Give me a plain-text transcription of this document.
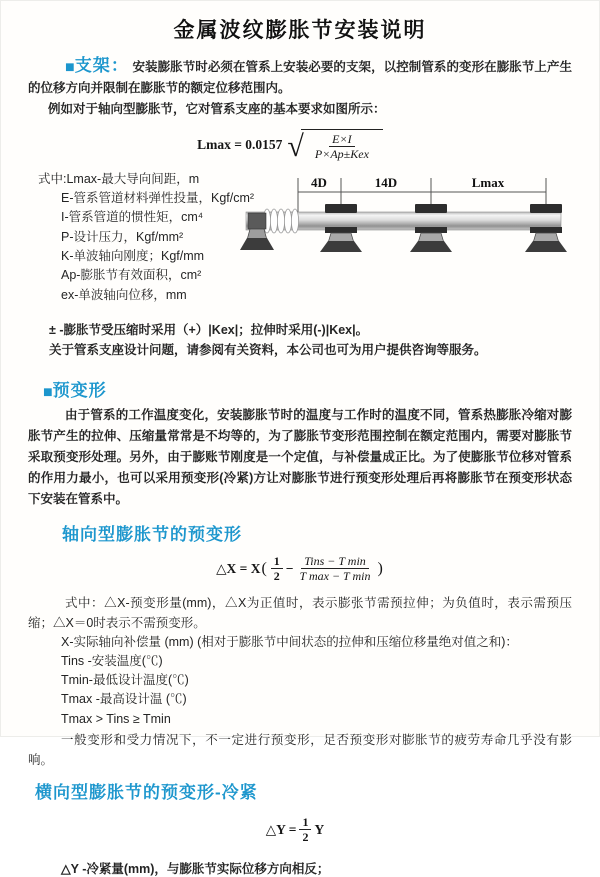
金属波纹膨胀节安装说明

■支架： 安装膨胀节时必须在管系上安装必要的支架，以控制管系的变形在膨胀节上产生的位移方向并限制在膨胀节的额定位移范围内。

例如对于轴向型膨胀节，它对管系支座的基本要求如图所示：

Lmax = 0.0157 √ $\frac{E\times I}{\text{P×Ap±Kex}}$
式中:Lmax-最大导向间距，m
E-管系管道材料弹性投量，Kgf/cm²
I-管系管道的惯性矩，cm⁴
P-设计压力，Kgf/mm²
K-单波轴向刚度；Kgf/mm
Ap-膨胀节有效面积，cm²
ex-单波轴向位移，mm
4D	14D	Lmax
± -膨胀节受压缩时采用（+）|Kex|；拉伸时采用(-)|Kex|。
关于管系支座设计问题，请参阅有关资料，本公司也可为用户提供咨询等服务。
■预变形

由于管系的工作温度变化，安装膨胀节时的温度与工作时的温度不同，管系热膨胀冷缩对膨胀节产生的拉伸、压缩量常常是不均等的，为了膨胀节变形范围控制在额定范围内，需要对膨胀节采取预变形处理。另外，由于膨账节刚度是一个定值，与补偿量成正比。为了使膨胀节位移对管系的作用力最小，也可以采用预变形(冷紧)方让对膨胀节进行预变形处理后再将膨胀节在预变形状态下安装在管系中。

轴向型膨胀节的预变形
△X = X ( $\frac{1}{2} - \frac{\text{Tins − T min}}{\text{T max − T min}}$ )

式中：△X-预变形量(mm)，△X为正值时，表示膨张节需预拉伸；为负值时，表示需预压缩；△X＝0时表示不需预变形。

X-实际轴向补偿量 (mm) (相对于膨胀节中间状态的拉伸和压缩位移量绝对值之和)：
Tins -安装温度(℃)
Tmin-最低设计温度(℃)
Tmax -最高设计温 (℃)
Tmax > Tins ≥ Tmin

一般变形和受力情况下，不一定进行预变形，足否预变形对膨胀节的疲劳寿命几乎没有影响。

横向型膨胀节的预变形-冷紧
△Y = $\frac{1}{2}$ Y
△Y -冷紧量(mm)，与膨胀节实际位移方向相反；
